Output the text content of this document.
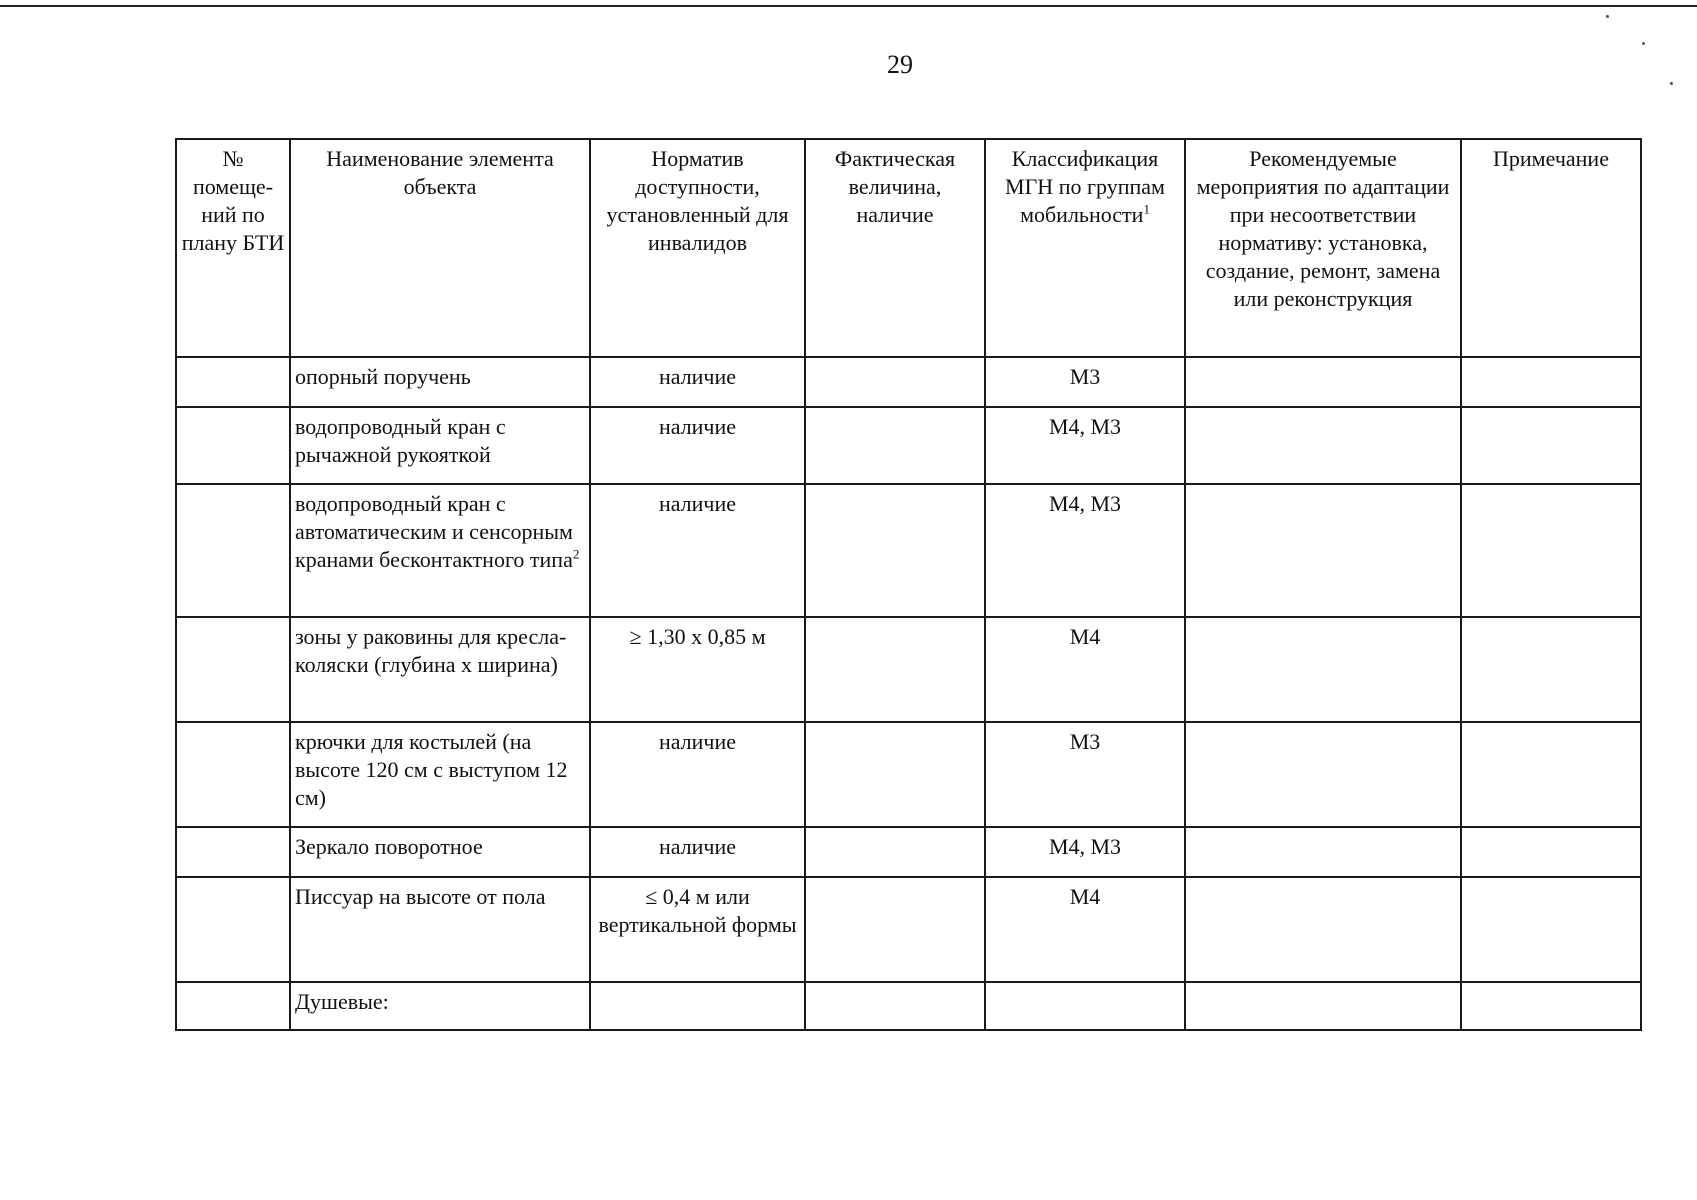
29
№ помеще-ний по плану БТИ	Наименование элемента объекта	Норматив доступности, установленный для инвалидов	Фактическая величина, наличие	Классификация МГН по группам мобильности$^1$	Рекомендуемые мероприятия по адаптации при несоответствии нормативу: установка, создание, ремонт, замена или реконструкция	Примечание
	опорный поручень	наличие		М3		
	водопроводный кран с рычажной рукояткой	наличие		М4, М3		
	водопроводный кран с автоматическим и сенсорным кранами бесконтактного типа$^2$	наличие		М4, М3		
	зоны у раковины для кресла-коляски (глубина х ширина)	≥ 1,30 х 0,85 м		М4		
	крючки для костылей (на высоте 120 см с выступом 12 см)	наличие		М3		
	Зеркало поворотное	наличие		М4, М3		
	Писсуар на высоте от пола	≤ 0,4 м или вертикальной формы		М4		
	Душевые:					
